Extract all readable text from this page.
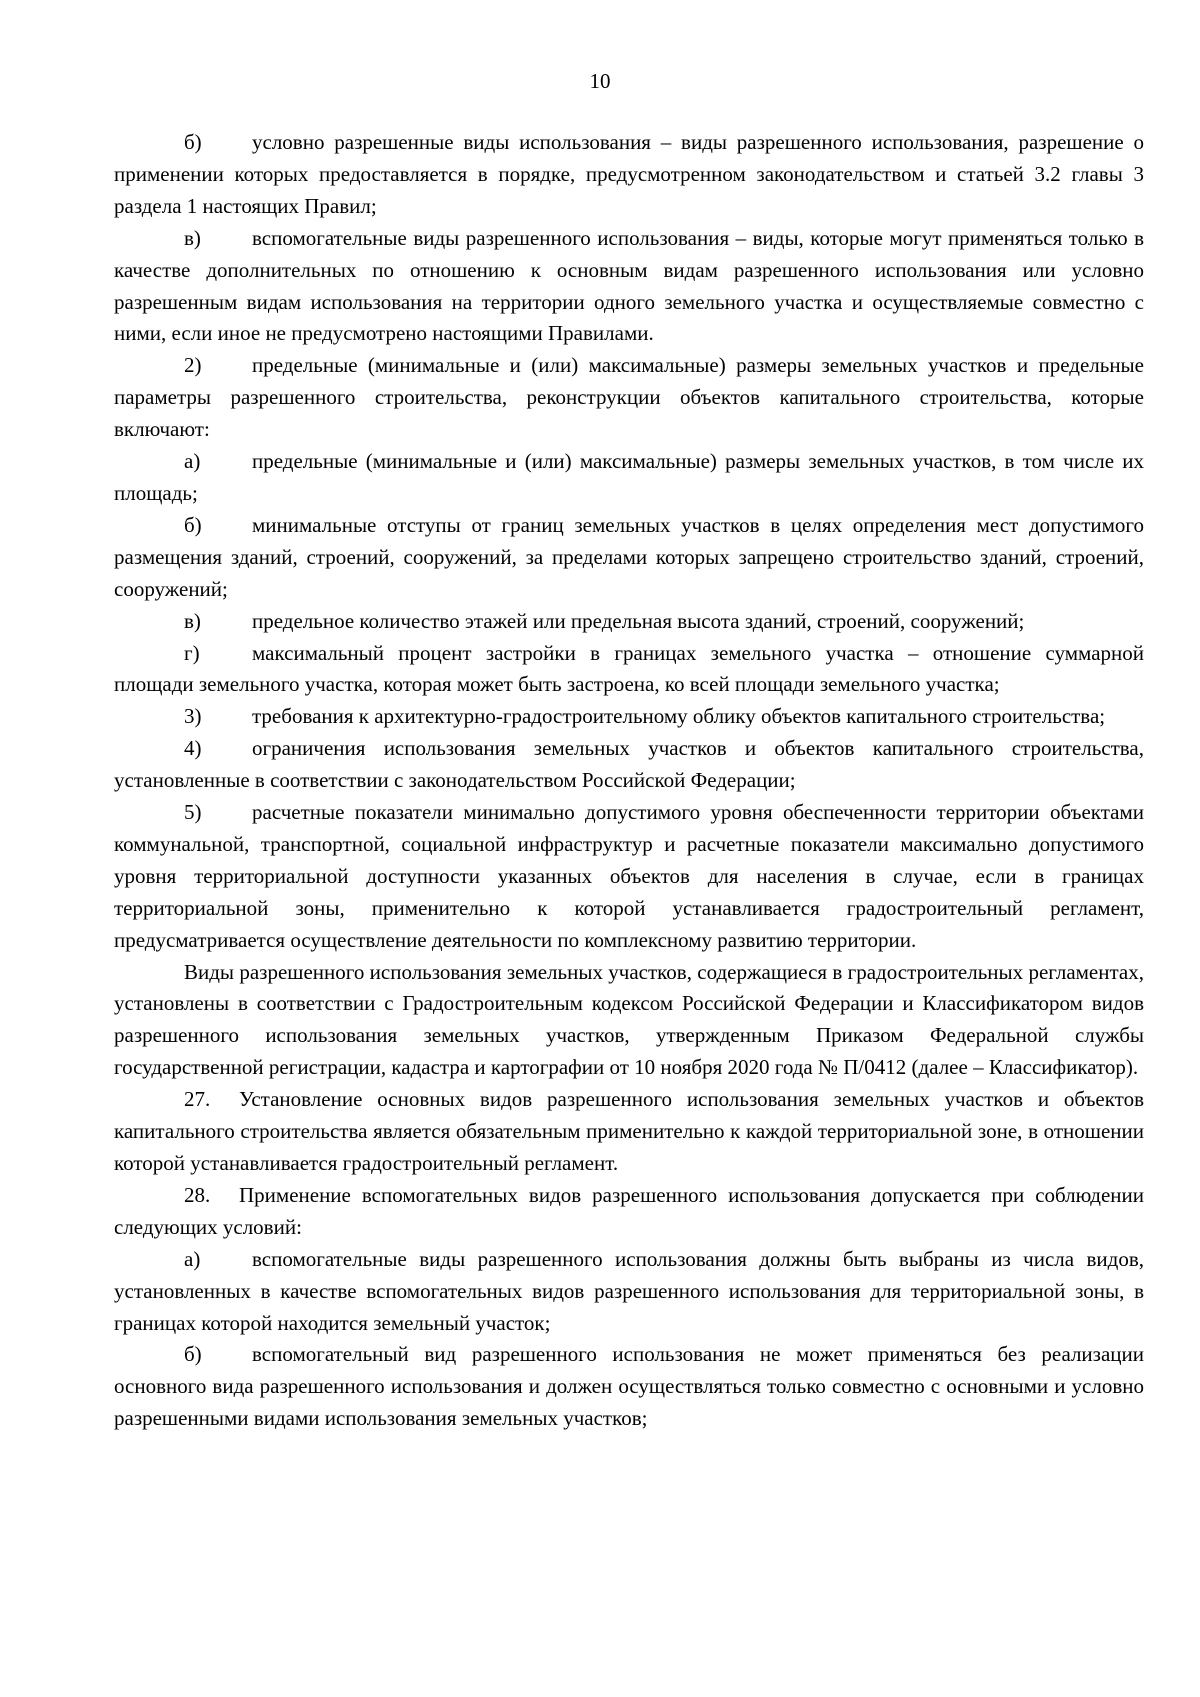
10

б) условно разрешенные виды использования – виды разрешенного использования, разрешение о применении которых предоставляется в порядке, предусмотренном законодательством и статьей 3.2 главы 3 раздела 1 настоящих Правил;

в) вспомогательные виды разрешенного использования – виды, которые могут применяться только в качестве дополнительных по отношению к основным видам разрешенного использования или условно разрешенным видам использования на территории одного земельного участка и осуществляемые совместно с ними, если иное не предусмотрено настоящими Правилами.

2) предельные (минимальные и (или) максимальные) размеры земельных участков и предельные параметры разрешенного строительства, реконструкции объектов капитального строительства, которые включают:

а) предельные (минимальные и (или) максимальные) размеры земельных участков, в том числе их площадь;

б) минимальные отступы от границ земельных участков в целях определения мест допустимого размещения зданий, строений, сооружений, за пределами которых запрещено строительство зданий, строений, сооружений;

в) предельное количество этажей или предельная высота зданий, строений, сооружений;

г) максимальный процент застройки в границах земельного участка – отношение суммарной площади земельного участка, которая может быть застроена, ко всей площади земельного участка;

3) требования к архитектурно-градостроительному облику объектов капитального строительства;

4) ограничения использования земельных участков и объектов капитального строительства, установленные в соответствии с законодательством Российской Федерации;

5) расчетные показатели минимально допустимого уровня обеспеченности территории объектами коммунальной, транспортной, социальной инфраструктур и расчетные показатели максимально допустимого уровня территориальной доступности указанных объектов для населения в случае, если в границах территориальной зоны, применительно к которой устанавливается градостроительный регламент, предусматривается осуществление деятельности по комплексному развитию территории.

Виды разрешенного использования земельных участков, содержащиеся в градостроительных регламентах, установлены в соответствии с Градостроительным кодексом Российской Федерации и Классификатором видов разрешенного использования земельных участков, утвержденным Приказом Федеральной службы государственной регистрации, кадастра и картографии от 10 ноября 2020 года № П/0412 (далее – Классификатор).

27. Установление основных видов разрешенного использования земельных участков и объектов капитального строительства является обязательным применительно к каждой территориальной зоне, в отношении которой устанавливается градостроительный регламент.

28. Применение вспомогательных видов разрешенного использования допускается при соблюдении следующих условий:

а) вспомогательные виды разрешенного использования должны быть выбраны из числа видов, установленных в качестве вспомогательных видов разрешенного использования для территориальной зоны, в границах которой находится земельный участок;

б) вспомогательный вид разрешенного использования не может применяться без реализации основного вида разрешенного использования и должен осуществляться только совместно с основными и условно разрешенными видами использования земельных участков;
